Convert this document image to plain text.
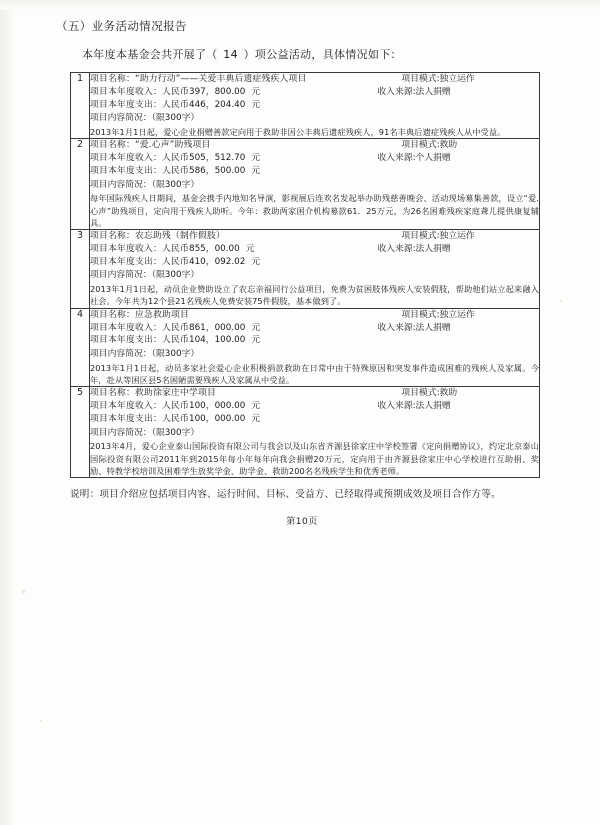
（五）业务活动情况报告
本年度本基金会共开展了（ 14 ）项公益活动，具体情况如下：
1	项目名称：“助力行动”——关爱丰典后遗症残疾人项目
项目本年度收入：人民币397，800.00 元
项目本年度支出：人民币446，204.40 元
项目内容简况：（限300字）
项目模式:独立运作
收入来源:法人捐赠
2013年1月1日起，爱心企业捐赠善款定向用于救助非因公丰典后遗症残疾人，91名丰典后遗症残疾人从中受益。

2	项目名称：“爱.心声”助残项目
项目本年度收入：人民币505，512.70 元
项目本年度支出：人民币586，500.00 元
项目内容简况：（限300字）
项目模式:救助
收入来源:个人捐赠
每年国际残疾人日期间，基金会携手内地知名导演，影视展后连欢名发起举办助残慈善晚会、活动现场募集善款，设立“爱.心声”助残项目，定向用于残疾人助听。今年：救助两家困介机构募款61．25万元，为26名困难残疾家庭聋儿提供康复辅具。

3	项目名称：农忘助残（制作假肢）
项目本年度收入：人民币855，00.00 元
项目本年度支出：人民币410，092.02 元
项目内容简况：（限300字）
项目模式:独立运作
收入来源:法人捐赠
2013年1月1日起，动员企业赞助设立了农忘亲福同行公益项目，免费为贫困肢体残疾人安装假肢，帮助他们站立起来融入社会。今年共为12个县21名残疾人免费安装75件假肢，基本做到了。

4	项目名称：应急救助项目
项目本年度收入：人民币861，000.00 元
项目本年度支出：人民币104，100.00 元
项目内容简况：（限300字）
项目模式:独立运作
收入来源:法人捐赠
2013年1月1日起，动员多家社会爱心企业积极捐款救助在日常中由于特殊原因和突发事件造成困难的残疾人及家属。今年，赴从等困区县5名困陋需要残疾人及家属从中受益。

5	项目名称：救助徐家庄中学项目
项目本年度收入：人民币100，000.00 元
项目本年度支出：人民币100，000.00 元
项目内容简况：（限300字）
项目模式:救助
收入来源:法人捐赠
2013年4月，爱心企业泰山国际投资有限公司与我会以及山东省齐源县徐家庄中学校签署《定向捐赠协议》，约定北京泰山国际投资有限公司2011年到2015年每小年每年向我会捐赠20万元，定向用于由齐源县徐家庄中心学校进行互助捐、奖励、特教学校培训及困难学生放奖学金、助学金、救助200名名残疾学生和优秀老师。
说明：项目介绍应包括项目内容、运行时间、目标、受益方、已经取得或预期成效及项目合作方等。
第10页
